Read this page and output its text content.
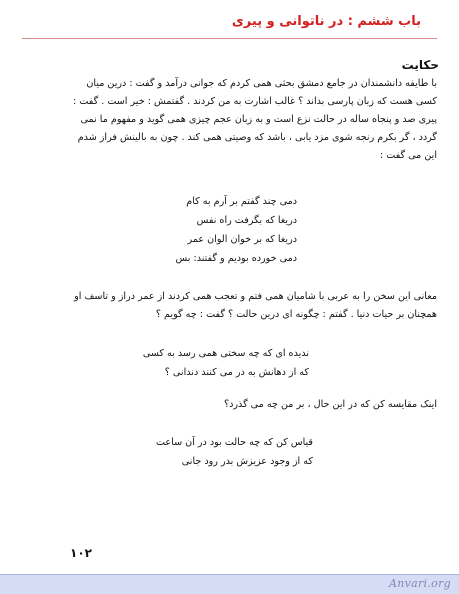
باب ششم : در ناتوانی و پیری
حکایت
با طایفه دانشمندان در جامع دمشق بحثی همی کردم که جوانی درآمد و گفت : درین میان
کسی هست که زبان پارسی بداند ؟ غالب اشارت به من کردند . گفتمش : خیر است . گفت :
پیری صد و پنجاه ساله در حالت نزع است و به زبان عجم چیزی همی گوید و مفهوم ما نمی
گردد ، گر بکرم رنجه شوی مزد یابی ، باشد که وصیتی همی کند . چون به بالینش فراز شدم
این می گفت :
دمی چند گفتم بر آرم به کام
دریغا که بگرفت راه نفس
دریغا که بر خوان الوان عمر
دمی خورده بودیم و گفتند: بس
معانی این سخن را به عربی با شامیان همی فتم و تعجب همی کردند از عمر دراز و تاسف او
همچنان بر حیات دنیا . گفتم : چگونه ای درین حالت ؟ گفت : چه گویم ؟
ندیده ای که چه سختی همی رسد به کسی
که از دهانش به در می کنند دندانی ؟
اینک مقایسه کن که در این حال ، بر من چه می گذرد؟
قیاس کن که چه حالت بود در آن ساعت
که از وجود عزیزش بدر رود جانی
۱۰۲
Anvari.org
